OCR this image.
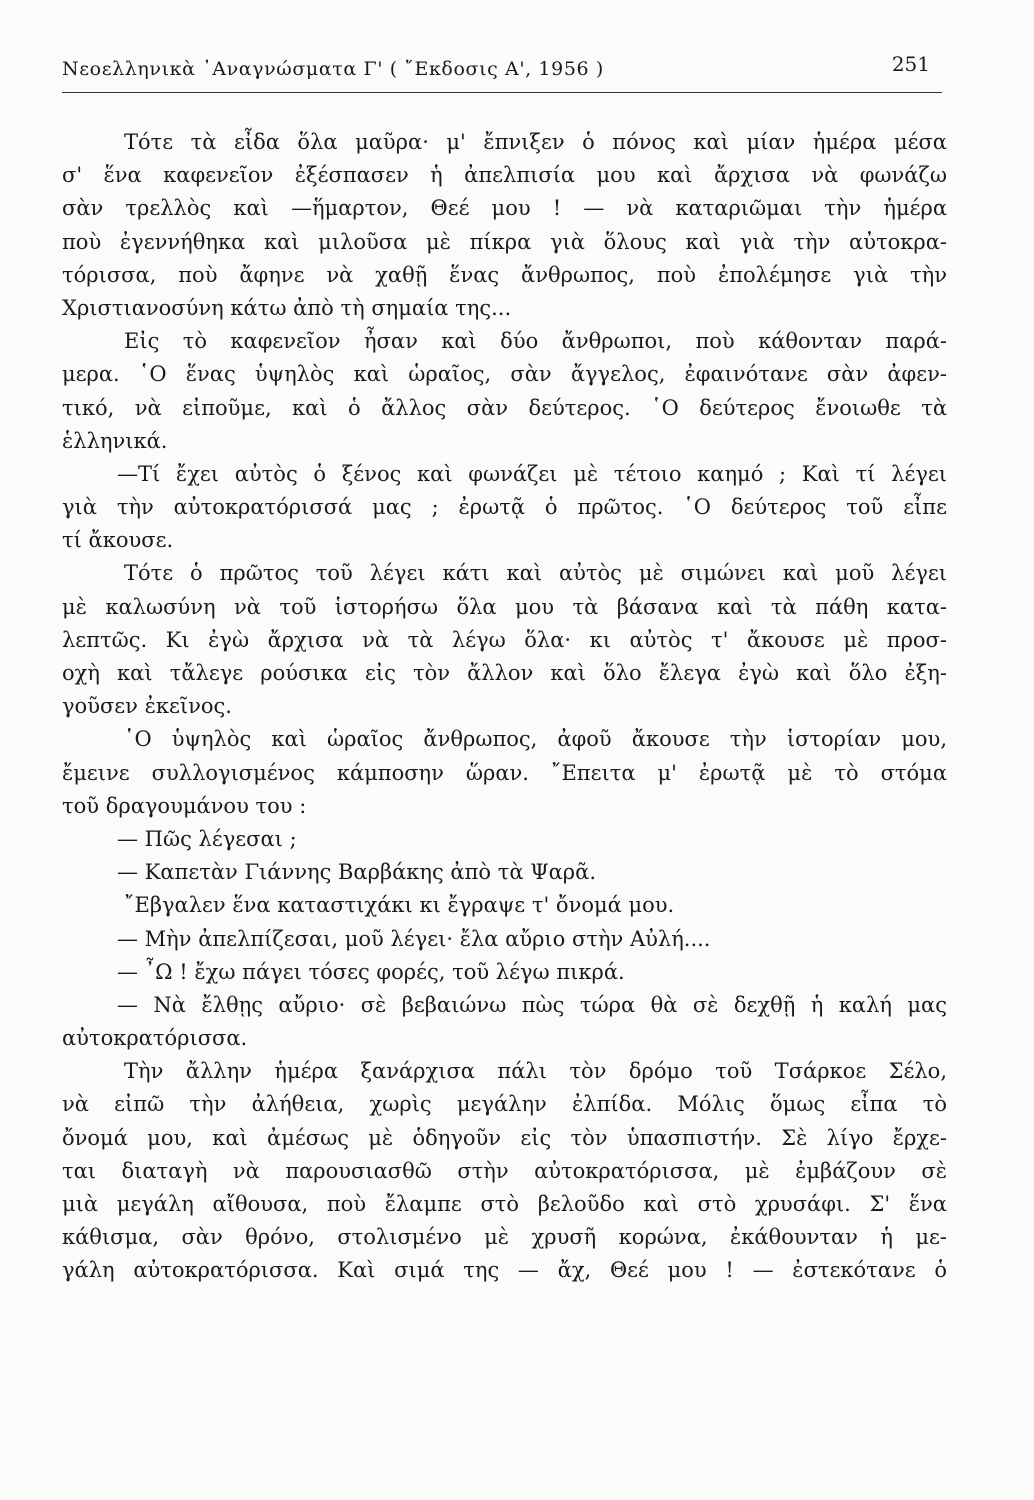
Νεοελληνικὰ ᾿Αναγνώσματα Γ' ( ῎Εκδοσις Α', 1956 )	251
Τότε τὰ εἶδα ὅλα μαῦρα· μ' ἔπνιξεν ὁ πόνος καὶ μίαν ἡμέρα μέσα
σ' ἕνα καφενεῖον ἐξέσπασεν ἡ ἀπελπισία μου καὶ ἄρχισα νὰ φωνάζω
σὰν τρελλὸς καὶ —ἥμαρτον, Θεέ μου ! — νὰ καταριῶμαι τὴν ἡμέρα
ποὺ ἐγεννήθηκα καὶ μιλοῦσα μὲ πίκρα γιὰ ὅλους καὶ γιὰ τὴν αὐτοκρα-
τόρισσα, ποὺ ἄφηνε νὰ χαθῇ ἕνας ἄνθρωπος, ποὺ ἐπολέμησε γιὰ τὴν
Χριστιανοσύνη κάτω ἀπὸ τὴ σημαία της...
Εἰς τὸ καφενεῖον ἦσαν καὶ δύο ἄνθρωποι, ποὺ κάθονταν παρά-
μερα. ῾Ο ἕνας ὑψηλὸς καὶ ὡραῖος, σὰν ἄγγελος, ἐφαινότανε σὰν ἀφεν-
τικό, νὰ εἰποῦμε, καὶ ὁ ἄλλος σὰν δεύτερος. ῾Ο δεύτερος ἔνοιωθε τὰ
ἑλληνικά.
—Τί ἔχει αὐτὸς ὁ ξένος καὶ φωνάζει μὲ τέτοιο καημό ; Καὶ τί λέγει
γιὰ τὴν αὐτοκρατόρισσά μας ; ἐρωτᾷ ὁ πρῶτος. ῾Ο δεύτερος τοῦ εἶπε
τί ἄκουσε.
Τότε ὁ πρῶτος τοῦ λέγει κάτι καὶ αὐτὸς μὲ σιμώνει καὶ μοῦ λέγει
μὲ καλωσύνη νὰ τοῦ ἱστορήσω ὅλα μου τὰ βάσανα καὶ τὰ πάθη κατα-
λεπτῶς. Κι ἐγὼ ἄρχισα νὰ τὰ λέγω ὅλα· κι αὐτὸς τ' ἄκουσε μὲ προσ-
οχὴ καὶ τἄλεγε ρούσικα εἰς τὸν ἄλλον καὶ ὅλο ἔλεγα ἐγὼ καὶ ὅλο ἐξη-
γοῦσεν ἐκεῖνος.
῾Ο ὑψηλὸς καὶ ὡραῖος ἄνθρωπος, ἀφοῦ ἄκουσε τὴν ἱστορίαν μου,
ἔμεινε συλλογισμένος κάμποσην ὥραν. ῎Επειτα μ' ἐρωτᾷ μὲ τὸ στόμα
τοῦ δραγουμάνου του :
— Πῶς λέγεσαι ;
— Καπετὰν Γιάννης Βαρβάκης ἀπὸ τὰ Ψαρᾶ.
῎Εβγαλεν ἕνα καταστιχάκι κι ἔγραψε τ' ὄνομά μου.
— Μὴν ἀπελπίζεσαι, μοῦ λέγει· ἔλα αὔριο στὴν Αὐλή....
— ῏Ω ! ἔχω πάγει τόσες φορές, τοῦ λέγω πικρά.
— Νὰ ἔλθῃς αὔριο· σὲ βεβαιώνω πὼς τώρα θὰ σὲ δεχθῇ ἡ καλή μας
αὐτοκρατόρισσα.
Τὴν ἄλλην ἡμέρα ξανάρχισα πάλι τὸν δρόμο τοῦ Τσάρκοε Σέλο,
νὰ εἰπῶ τὴν ἀλήθεια, χωρὶς μεγάλην ἐλπίδα. Μόλις ὅμως εἶπα τὸ
ὄνομά μου, καὶ ἀμέσως μὲ ὁδηγοῦν εἰς τὸν ὑπασπιστήν. Σὲ λίγο ἔρχε-
ται διαταγὴ νὰ παρουσιασθῶ στὴν αὐτοκρατόρισσα, μὲ ἐμβάζουν σὲ
μιὰ μεγάλη αἴθουσα, ποὺ ἔλαμπε στὸ βελοῦδο καὶ στὸ χρυσάφι. Σ' ἕνα
κάθισμα, σὰν θρόνο, στολισμένο μὲ χρυσῆ κορώνα, ἐκάθουνταν ἡ με-
γάλη αὐτοκρατόρισσα. Καὶ σιμά της — ἄχ, Θεέ μου ! — ἐστεκότανε ὁ
